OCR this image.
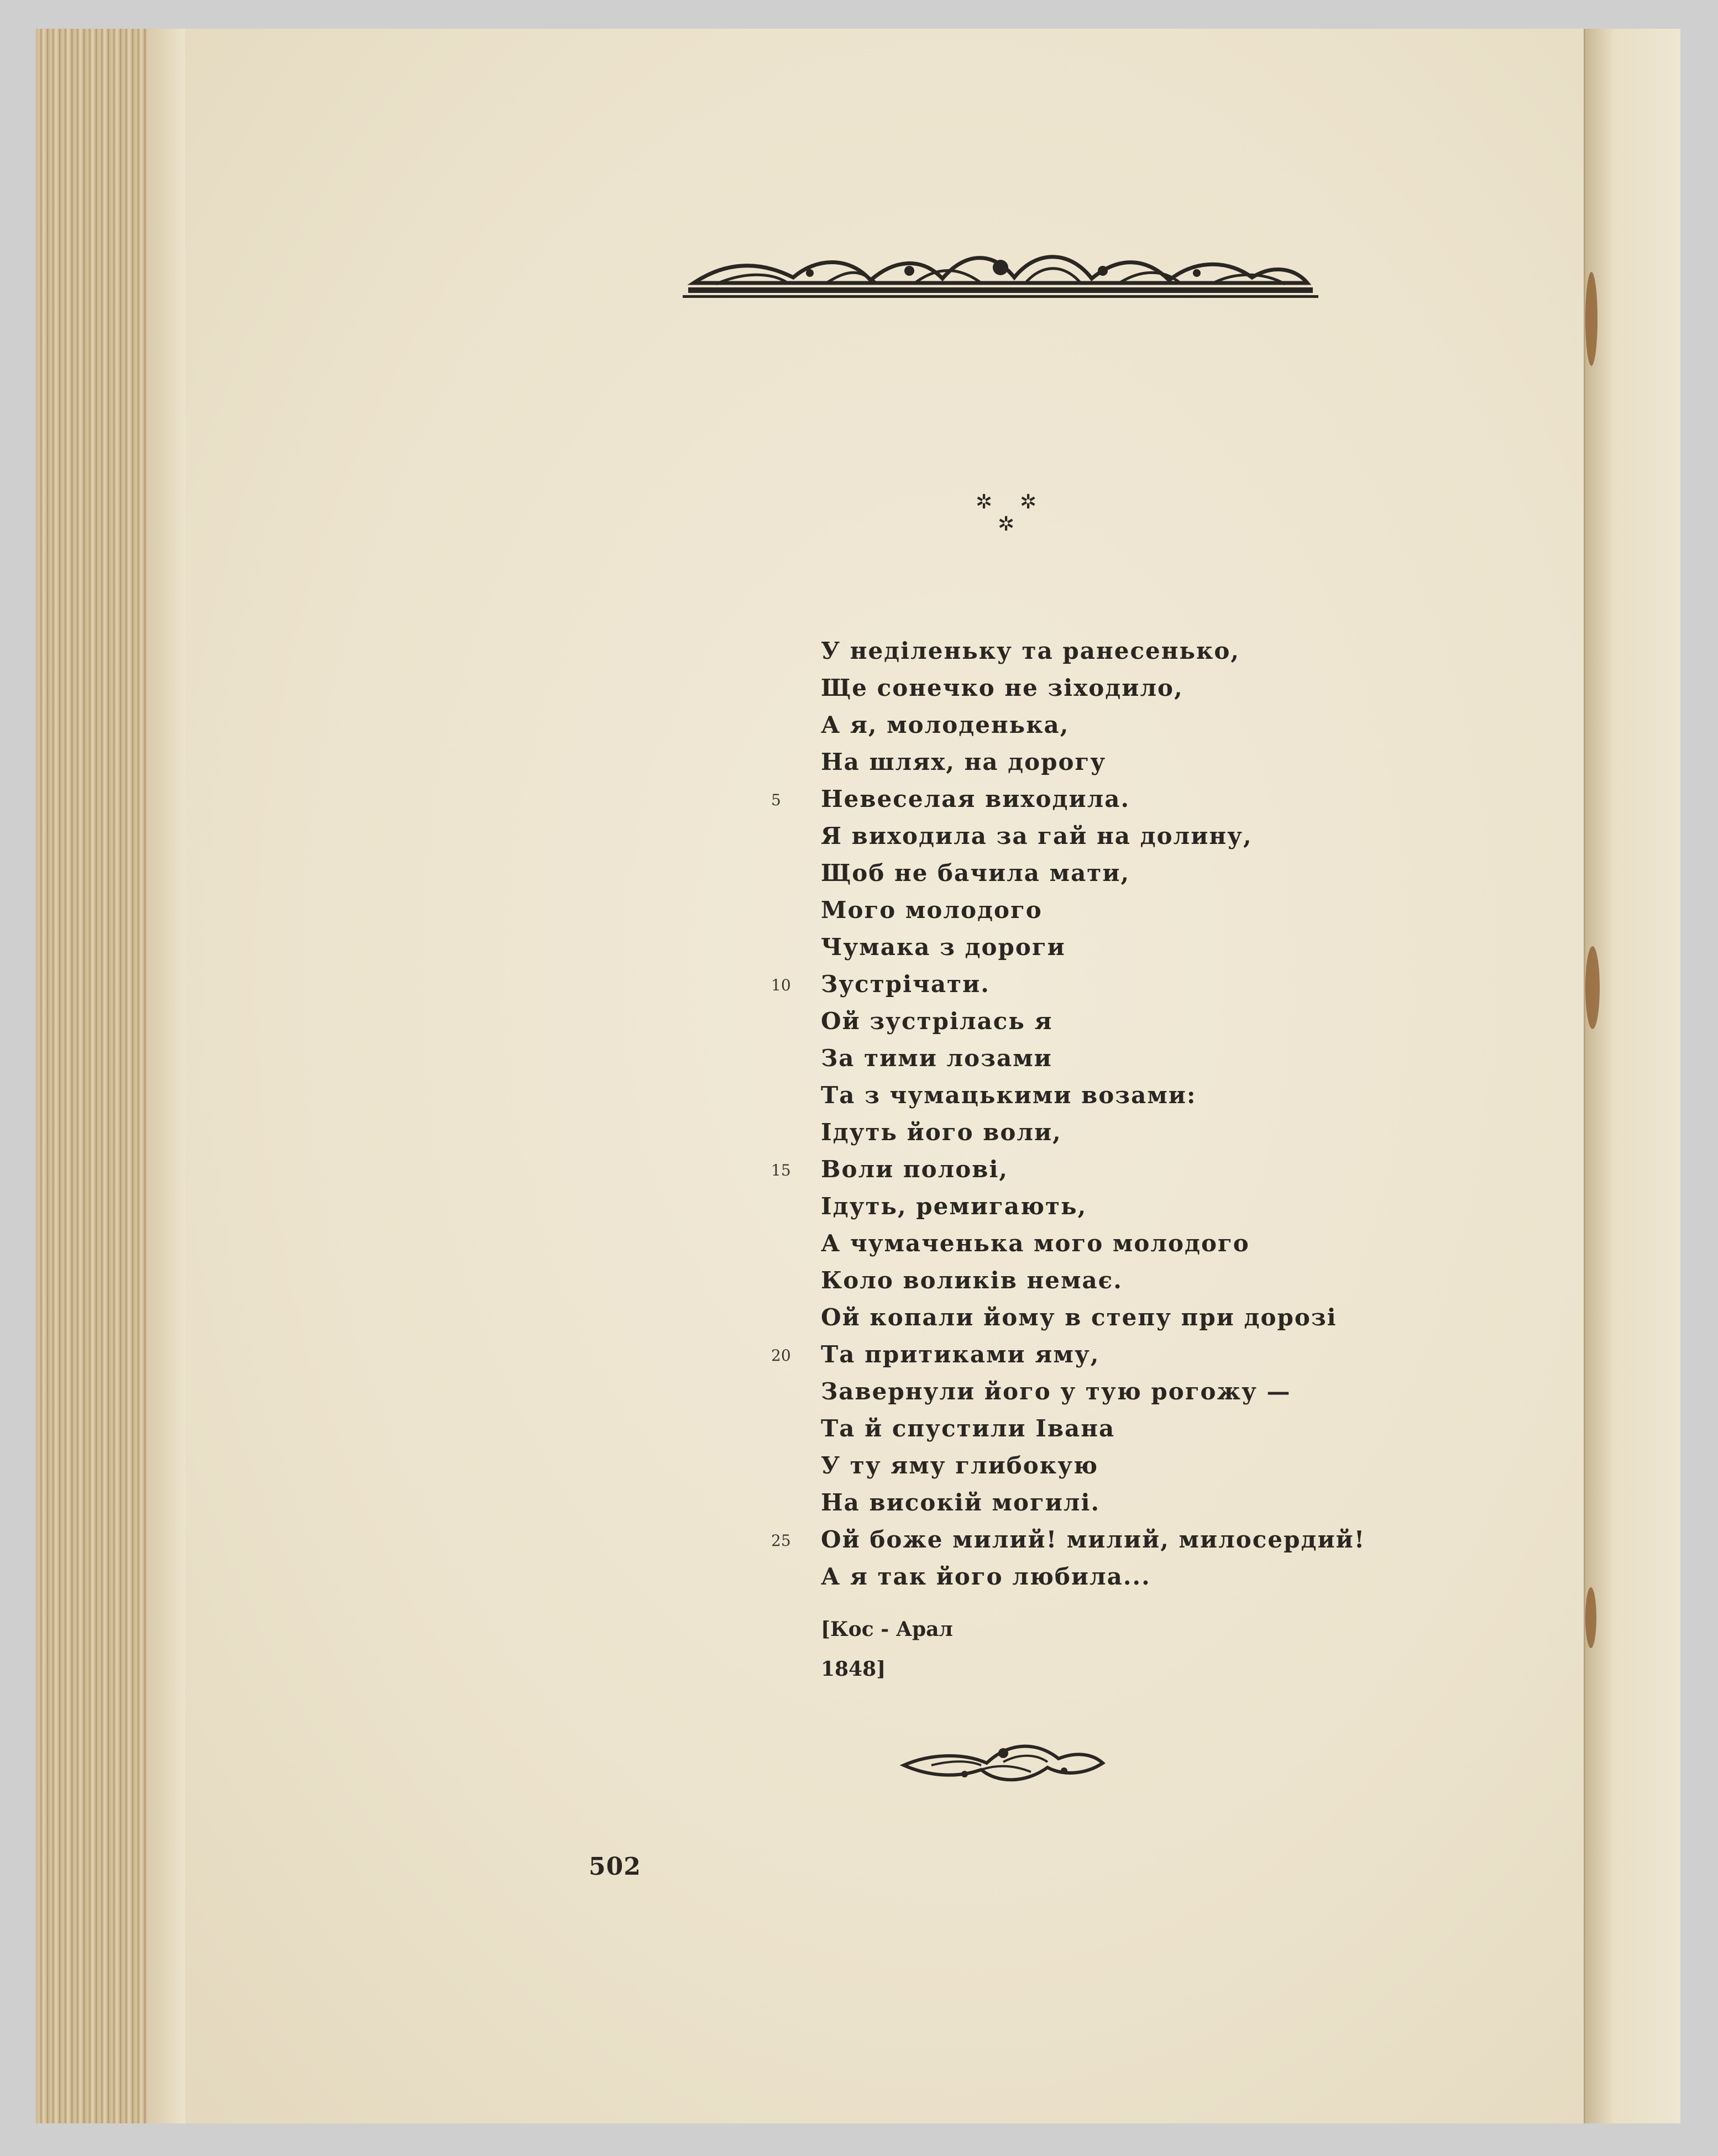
✲ ✲
✲
У неділеньку та ранесенько,
Ще сонечко не зіходило,
А я, молоденька,
На шлях, на дорогу
5	Невеселая виходила.
Я виходила за гай на долину,
Щоб не бачила мати,
Мого молодого
Чумака з дороги
10	Зустрічати.
Ой зустрілась я
За тими лозами
Та з чумацькими возами:
Ідуть його воли,
15	Воли полові,
Ідуть, ремигають,
А чумаченька мого молодого
Коло воликів немає.
Ой копали йому в степу при дорозі
20	Та притиками яму,
Завернули його у тую рогожу —
Та й спустили Івана
У ту яму глибокую
На високій могилі.
25	Ой боже милий! милий, милосердий!
А я так його любила...
[Кос - Арал
1848]
502
